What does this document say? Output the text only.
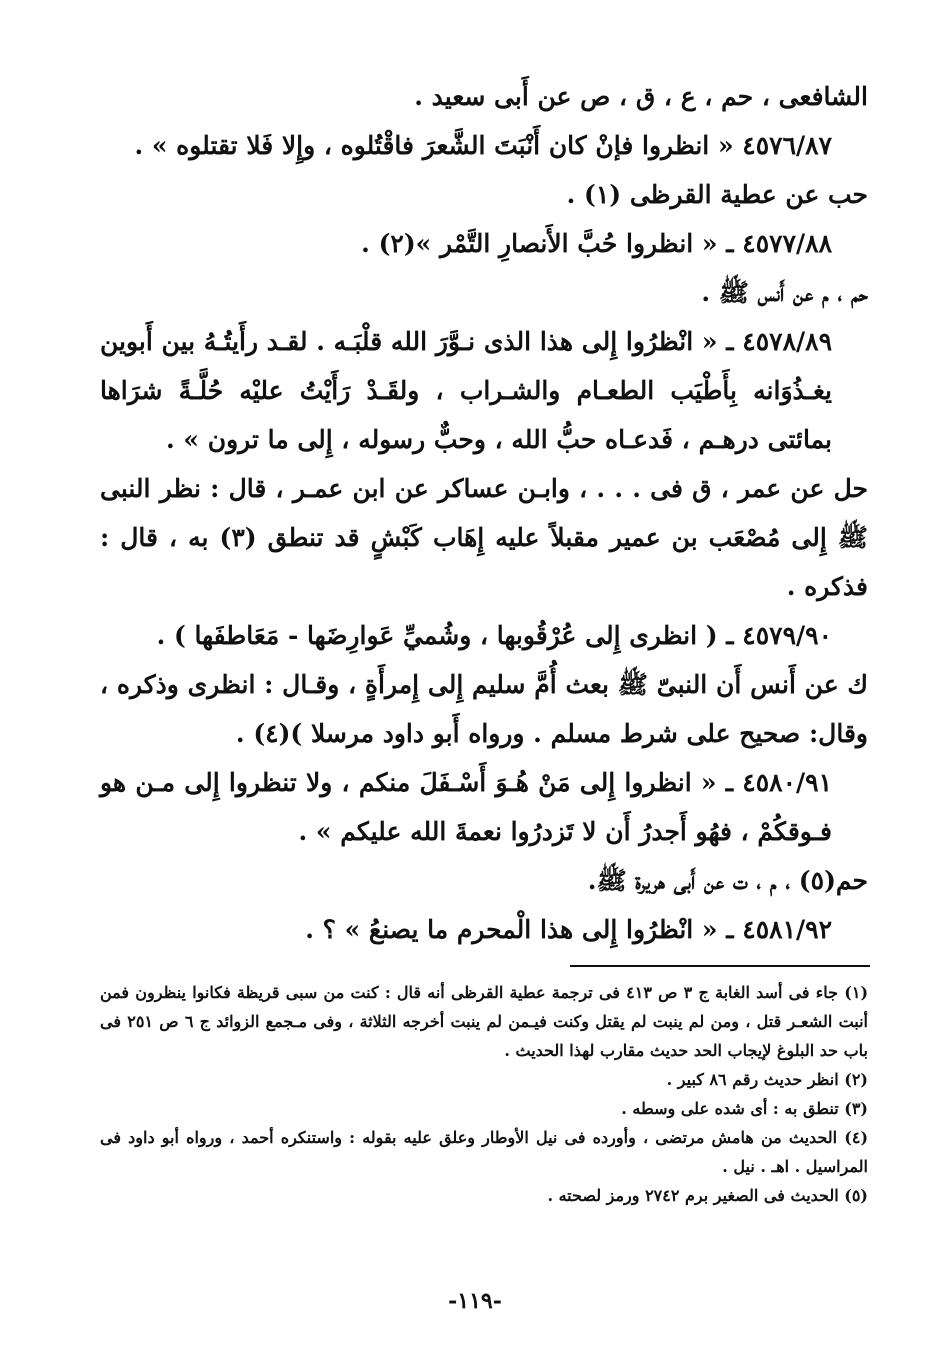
الشافعى ، حم ، ع ، ق ، ص عن أَبى سعيد .

٤٥٧٦/٨٧ « انظروا فإنْ كان أَنْبَتَ الشَّعرَ فاقْتُلوه ، وإِلا فَلا تقتلوه » .

حب عن عطية القرظى (١) .

٤٥٧٧/٨٨ ـ « انظروا حُبَّ الأَنصارِ التَّمْر »(٢) .

حم ، م عن أَنس ﷺ .

٤٥٧٨/٨٩ ـ « انْظرُوا إِلى هذا الذى نـوَّرَ الله قلْبَـه . لقـد رأَيتُـهُ بين أَبوين يغـذُوَانه بِأَطْيَب الطعـام والشـراب ، ولقَـدْ رَأَيْتُ عليْه حُلَّـةً شرَاها بمائتى درهـم ، فَدعـاه حبُّ الله ، وحبٌّ رسوله ، إِلى ما ترون » .

حل عن عمر ، ق فى . . . ، وابـن عساكر عن ابن عمـر ، قال : نظر النبى ﷺ إِلى مُصْعَب بن عمير مقبلاً عليه إِهَاب كَبْشٍ قد تنطق (٣) به ، قال : فذكره .

٤٥٧٩/٩٠ ـ ( انظرى إِلى عُرْقُوبها ، وشُميِّ عَوارِضَها - مَعَاطفَها ) .

ك عن أَنس أَن النبىّ ﷺ بعث أُمَّ سليم إِلى إِمرأَةٍ ، وقـال : انظرى وذكره ، وقال: صحيح على شرط مسلم . ورواه أَبو داود مرسلا )(٤) .

٤٥٨٠/٩١ ـ « انظروا إِلى مَنْ هُـوَ أَسْـفَلَ منكم ، ولا تنظروا إِلى مـن هو فـوقكُمْ ، فهُو أَجدرُ أَن لا تَزدرُوا نعمةَ الله عليكم » .

حم(٥) ، م ، ت عن أَبى هريرة ﷺ.

٤٥٨١/٩٢ ـ « انْظرُوا إِلى هذا الْمحرم ما يصنعُ » ؟ .

(١) جاء فى أسد الغابة ج ٣ ص ٤١٣ فى ترجمة عطية القرظى أنه قال : كنت من سبى قريظة فكانوا ينظرون فمن أنبت الشعـر قتل ، ومن لم ينبت لم يقتل وكنت فيـمن لم ينبت أخرجه الثلاثة ، وفى مـجمع الزوائد ج ٦ ص ٢٥١ فى باب حد البلوغ لإيجاب الحد حديث مقارب لهذا الحديث .

(٢) انظر حديث رقم ٨٦ كبير .

(٣) تنطق به : أى شده على وسطه .

(٤) الحديث من هامش مرتضى ، وأورده فى نيل الأوطار وعلق عليه بقوله : واستنكره أحمد ، ورواه أبو داود فى المراسيل . اهـ . نيل .

(٥) الحديث فى الصغير برم ٢٧٤٢ ورمز لصحته .

-١١٩-
